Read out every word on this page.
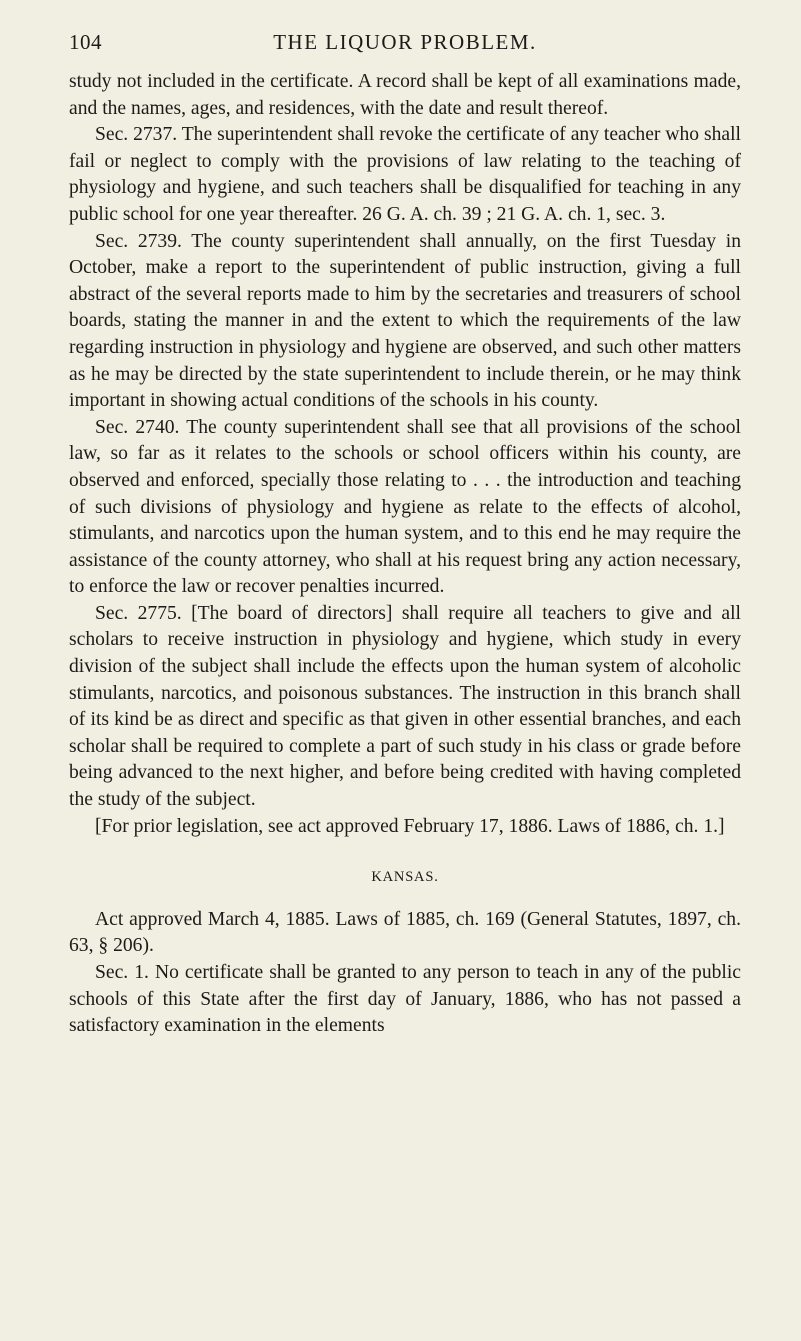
104	THE LIQUOR PROBLEM.

study not included in the certificate. A record shall be kept of all examinations made, and the names, ages, and residences, with the date and result thereof.

Sec. 2737. The superintendent shall revoke the certificate of any teacher who shall fail or neglect to comply with the provisions of law relating to the teaching of physiology and hygiene, and such teachers shall be disqualified for teaching in any public school for one year thereafter. 26 G. A. ch. 39 ; 21 G. A. ch. 1, sec. 3.

Sec. 2739. The county superintendent shall annually, on the first Tuesday in October, make a report to the superintendent of public instruction, giving a full abstract of the several reports made to him by the secretaries and treasurers of school boards, stating the manner in and the extent to which the requirements of the law regarding instruction in physiology and hygiene are observed, and such other matters as he may be directed by the state superintendent to include therein, or he may think important in showing actual conditions of the schools in his county.

Sec. 2740. The county superintendent shall see that all provisions of the school law, so far as it relates to the schools or school officers within his county, are observed and enforced, specially those relating to . . . the introduction and teaching of such divisions of physiology and hygiene as relate to the effects of alcohol, stimulants, and narcotics upon the human system, and to this end he may require the assistance of the county attorney, who shall at his request bring any action necessary, to enforce the law or recover penalties incurred.

Sec. 2775. [The board of directors] shall require all teachers to give and all scholars to receive instruction in physiology and hygiene, which study in every division of the subject shall include the effects upon the human system of alcoholic stimulants, narcotics, and poisonous substances. The instruction in this branch shall of its kind be as direct and specific as that given in other essential branches, and each scholar shall be required to complete a part of such study in his class or grade before being advanced to the next higher, and before being credited with having completed the study of the subject.

[For prior legislation, see act approved February 17, 1886. Laws of 1886, ch. 1.]

KANSAS.

Act approved March 4, 1885. Laws of 1885, ch. 169 (General Statutes, 1897, ch. 63, § 206).

Sec. 1. No certificate shall be granted to any person to teach in any of the public schools of this State after the first day of January, 1886, who has not passed a satisfactory examination in the elements
